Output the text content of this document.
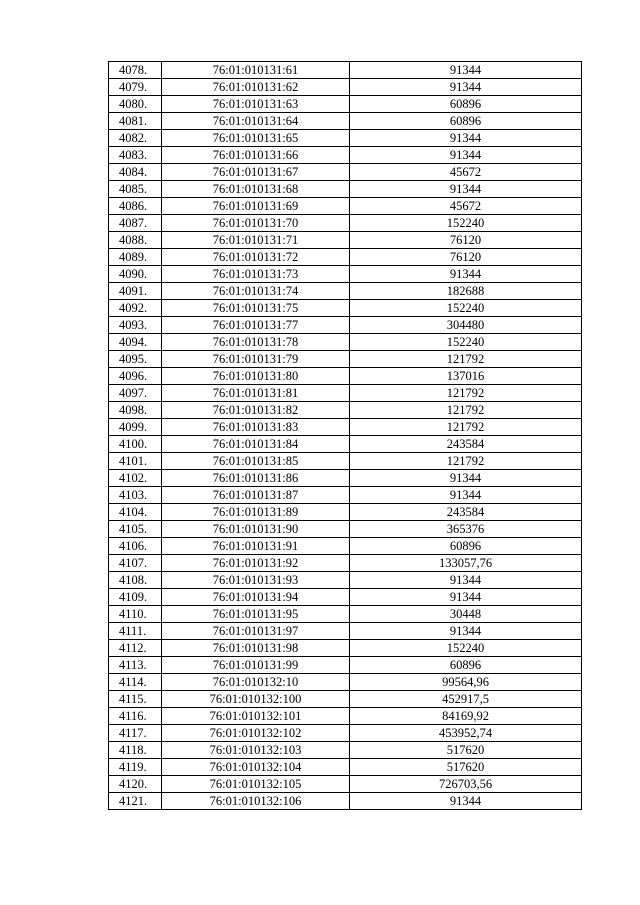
4078.	76:01:010131:61	91344
4079.	76:01:010131:62	91344
4080.	76:01:010131:63	60896
4081.	76:01:010131:64	60896
4082.	76:01:010131:65	91344
4083.	76:01:010131:66	91344
4084.	76:01:010131:67	45672
4085.	76:01:010131:68	91344
4086.	76:01:010131:69	45672
4087.	76:01:010131:70	152240
4088.	76:01:010131:71	76120
4089.	76:01:010131:72	76120
4090.	76:01:010131:73	91344
4091.	76:01:010131:74	182688
4092.	76:01:010131:75	152240
4093.	76:01:010131:77	304480
4094.	76:01:010131:78	152240
4095.	76:01:010131:79	121792
4096.	76:01:010131:80	137016
4097.	76:01:010131:81	121792
4098.	76:01:010131:82	121792
4099.	76:01:010131:83	121792
4100.	76:01:010131:84	243584
4101.	76:01:010131:85	121792
4102.	76:01:010131:86	91344
4103.	76:01:010131:87	91344
4104.	76:01:010131:89	243584
4105.	76:01:010131:90	365376
4106.	76:01:010131:91	60896
4107.	76:01:010131:92	133057,76
4108.	76:01:010131:93	91344
4109.	76:01:010131:94	91344
4110.	76:01:010131:95	30448
4111.	76:01:010131:97	91344
4112.	76:01:010131:98	152240
4113.	76:01:010131:99	60896
4114.	76:01:010132:10	99564,96
4115.	76:01:010132:100	452917,5
4116.	76:01:010132:101	84169,92
4117.	76:01:010132:102	453952,74
4118.	76:01:010132:103	517620
4119.	76:01:010132:104	517620
4120.	76:01:010132:105	726703,56
4121.	76:01:010132:106	91344
